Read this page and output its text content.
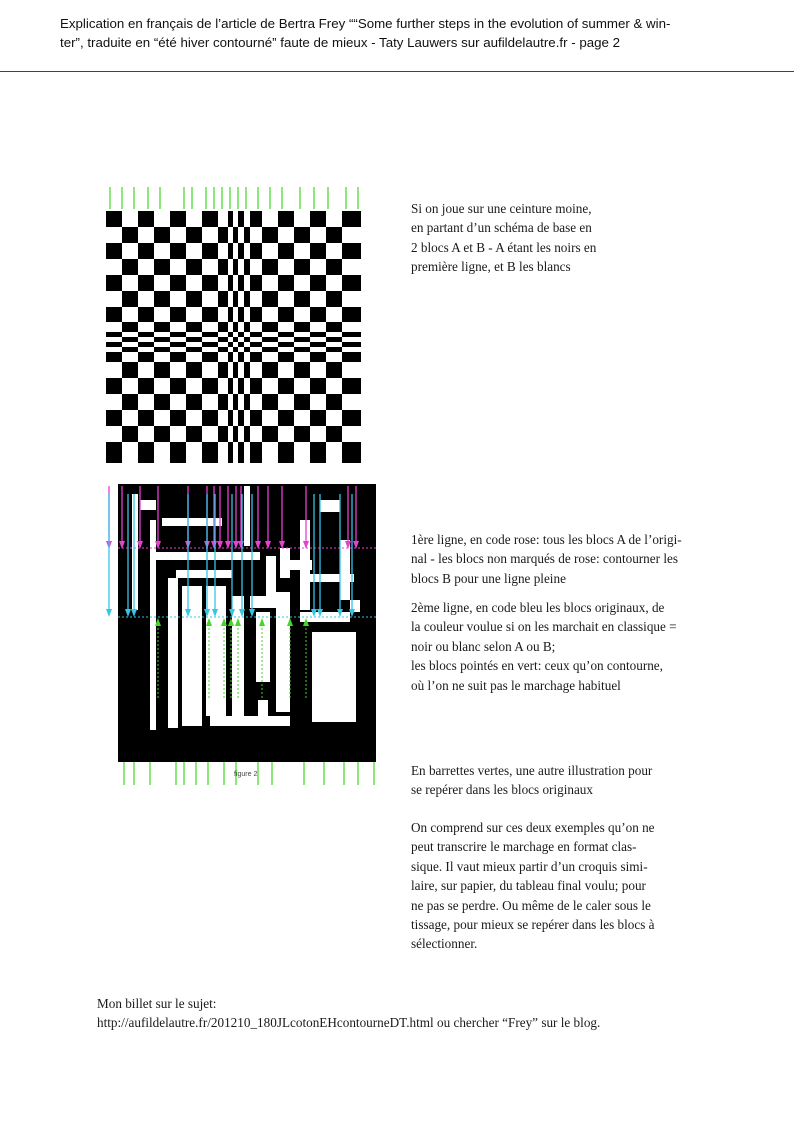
Explication en français de l’article de Bertra Frey ““Some further steps in the evolution of summer & win-
ter”, traduite en “été hiver contourné” faute de mieux - Taty Lauwers sur aufildelautre.fr - page 2
Si on joue sur une ceinture moine,
en partant d’un schéma de base en
2 blocs A et B - A étant les noirs en
première ligne, et B les blancs
figure 2
1ère ligne, en code rose: tous les blocs A de l’origi-
nal - les blocs non marqués de rose: contourner les
blocs B pour une ligne pleine
2ème ligne, en code bleu les blocs originaux, de
la couleur voulue si on les marchait en classique =
noir ou blanc selon A ou B;
les blocs pointés en vert: ceux qu’on contourne,
où l’on ne suit pas le marchage habituel
En barrettes vertes, une autre illustration pour
se repérer dans les blocs originaux
On comprend sur ces deux exemples qu’on ne
peut transcrire le marchage en format clas-
sique. Il vaut mieux partir d’un croquis simi-
laire, sur papier, du tableau final voulu; pour
ne pas se perdre. Ou même de le caler sous le
tissage, pour mieux se repérer dans les blocs à
sélectionner.
Mon billet sur le sujet:
http://aufildelautre.fr/201210_180JLcotonEHcontourneDT.html ou chercher “Frey” sur le blog.
